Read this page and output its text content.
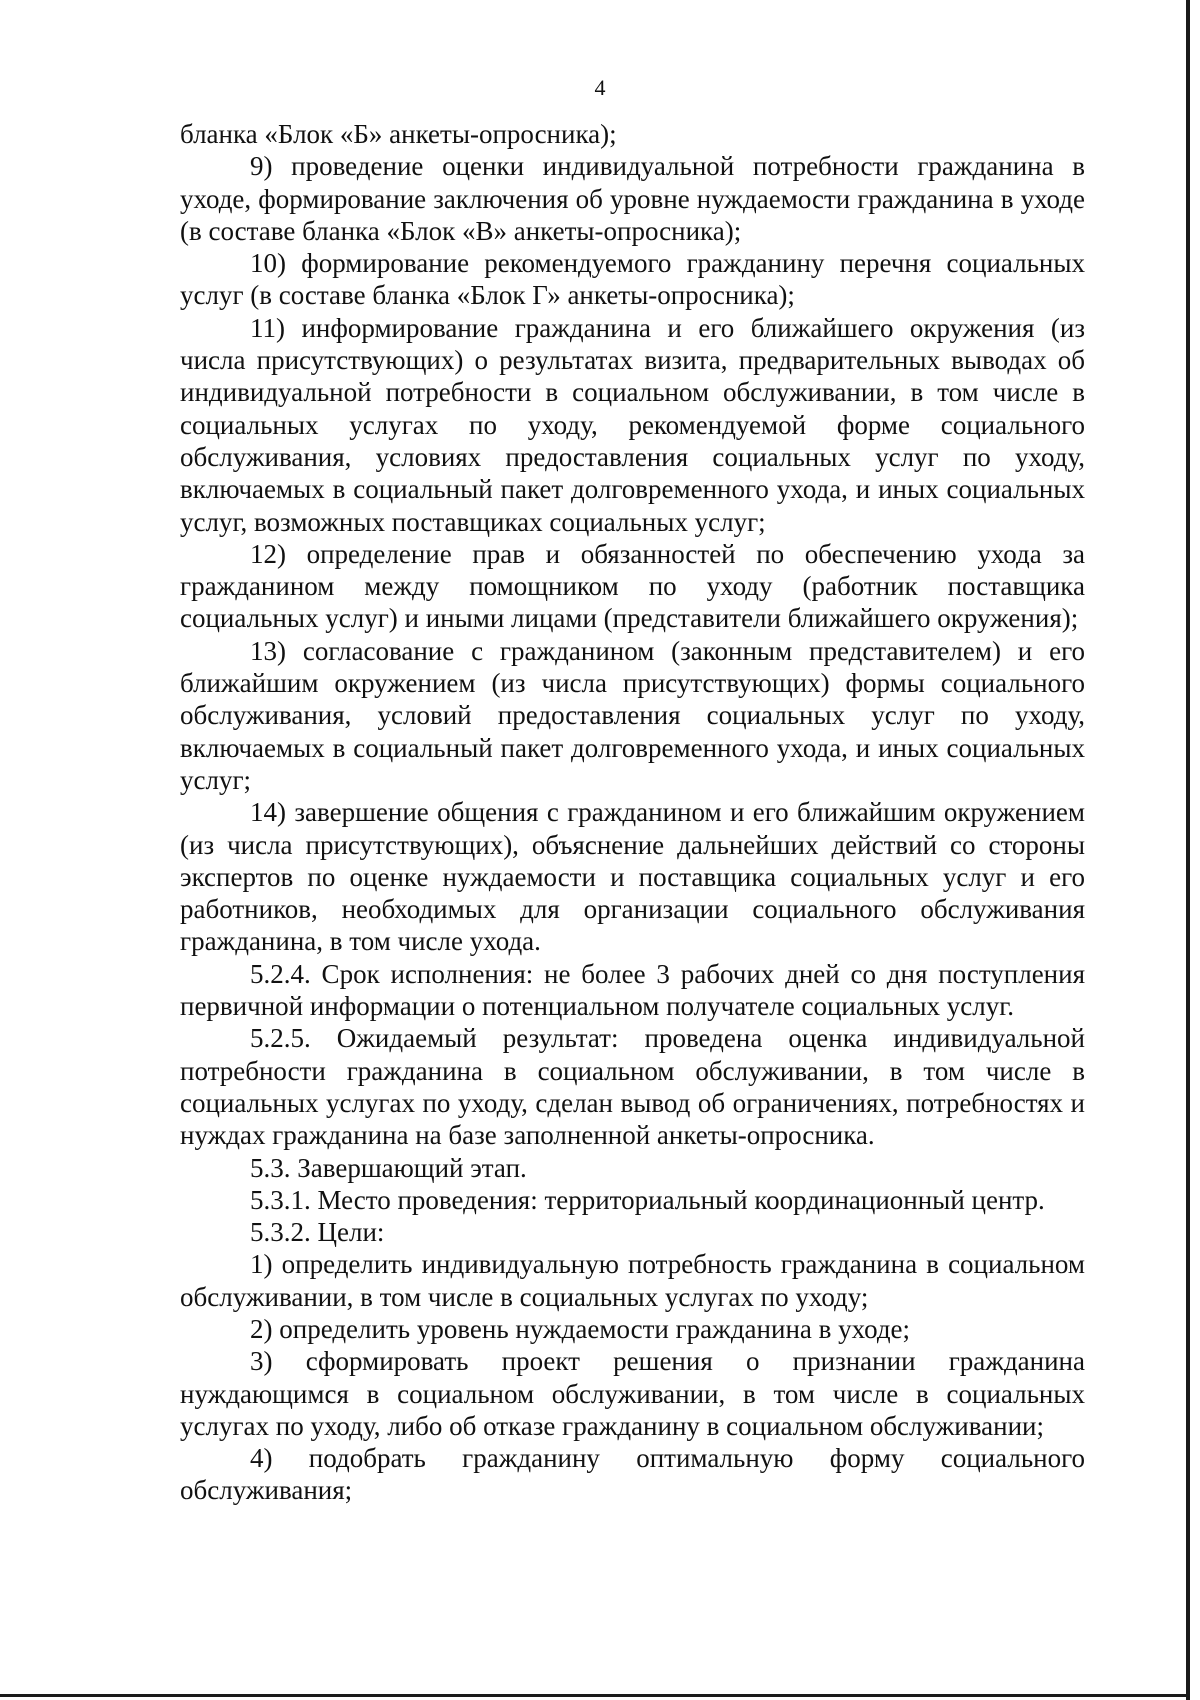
4

бланка «Блок «Б» анкеты-опросника);

9) проведение оценки индивидуальной потребности гражданина в уходе, формирование заключения об уровне нуждаемости гражданина в уходе (в составе бланка «Блок «В» анкеты-опросника);

10) формирование рекомендуемого гражданину перечня социальных услуг (в составе бланка «Блок Г» анкеты-опросника);

11) информирование гражданина и его ближайшего окружения (из числа присутствующих) о результатах визита, предварительных выводах об индивидуальной потребности в социальном обслуживании, в том числе в социальных услугах по уходу, рекомендуемой форме социального обслуживания, условиях предоставления социальных услуг по уходу, включаемых в социальный пакет долговременного ухода, и иных социальных услуг, возможных поставщиках социальных услуг;

12) определение прав и обязанностей по обеспечению ухода за гражданином между помощником по уходу (работник поставщика социальных услуг) и иными лицами (представители ближайшего окружения);

13) согласование с гражданином (законным представителем) и его ближайшим окружением (из числа присутствующих) формы социального обслуживания, условий предоставления социальных услуг по уходу, включаемых в социальный пакет долговременного ухода, и иных социальных услуг;

14) завершение общения с гражданином и его ближайшим окружением (из числа присутствующих), объяснение дальнейших действий со стороны экспертов по оценке нуждаемости и поставщика социальных услуг и его работников, необходимых для организации социального обслуживания гражданина, в том числе ухода.

5.2.4. Срок исполнения: не более 3 рабочих дней со дня поступления первичной информации о потенциальном получателе социальных услуг.

5.2.5. Ожидаемый результат: проведена оценка индивидуальной потребности гражданина в социальном обслуживании, в том числе в социальных услугах по уходу, сделан вывод об ограничениях, потребностях и нуждах гражданина на базе заполненной анкеты-опросника.

5.3. Завершающий этап.

5.3.1. Место проведения: территориальный координационный центр.

5.3.2. Цели:

1) определить индивидуальную потребность гражданина в социальном обслуживании, в том числе в социальных услугах по уходу;

2) определить уровень нуждаемости гражданина в уходе;

3) сформировать проект решения о признании гражданина нуждающимся в социальном обслуживании, в том числе в социальных услугах по уходу, либо об отказе гражданину в социальном обслуживании;

4) подобрать гражданину оптимальную форму социального обслуживания;
